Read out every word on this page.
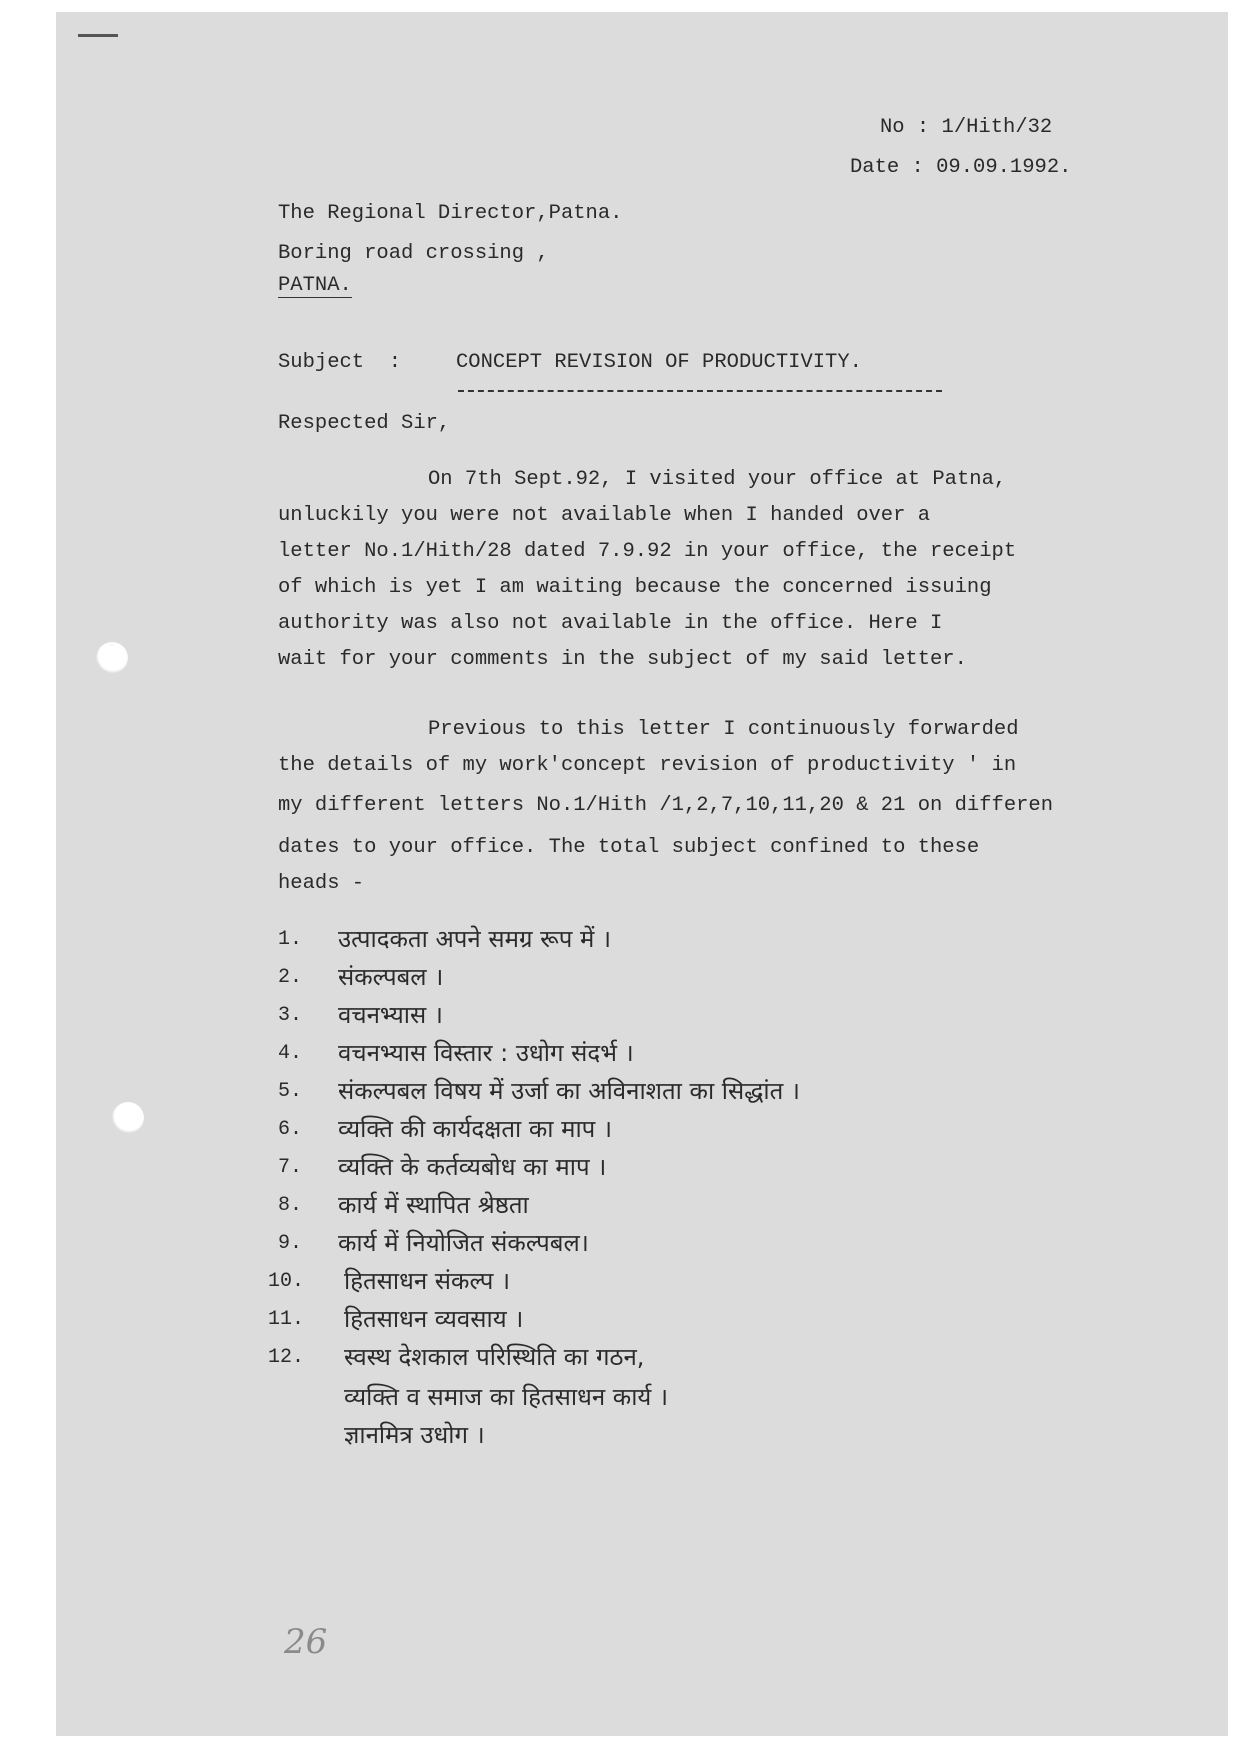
No : 1/Hith/32
Date : 09.09.1992.
The Regional Director,Patna.
Boring road crossing ,
PATNA.
Subject :	CONCEPT REVISION OF PRODUCTIVITY.
Respected Sir,
On 7th Sept.92, I visited your office at Patna,
unluckily you were not available when I handed over a
letter No.1/Hith/28 dated 7.9.92 in your office, the receipt
of which is yet I am waiting because the concerned issuing
authority was also not available in the office. Here I
wait for your comments in the subject of my said letter.
Previous to this letter I continuously forwarded
the details of my work'concept revision of productivity ' in
my different letters No.1/Hith /1,2,7,10,11,20 & 21 on differen
dates to your office. The total subject confined to these
heads -
1. उत्पादकता अपने समग्र रूप में ।
2. संकल्पबल ।
3. वचनभ्यास ।
4. वचनभ्यास विस्तार : उधोग संदर्भ ।
5. संकल्पबल विषय में उर्जा का अविनाशता का सिद्धांत ।
6. व्यक्ति की कार्यदक्षता का माप ।
7. व्यक्ति के कर्तव्यबोध का माप ।
8. कार्य में स्थापित श्रेष्ठता
9. कार्य में नियोजित संकल्पबल।
10. हितसाधन संकल्प ।
11. हितसाधन व्यवसाय ।
12. स्वस्थ देशकाल परिस्थिति का गठन,
व्यक्ति व समाज का हितसाधन कार्य ।
ज्ञानमित्र उधोग ।
26
